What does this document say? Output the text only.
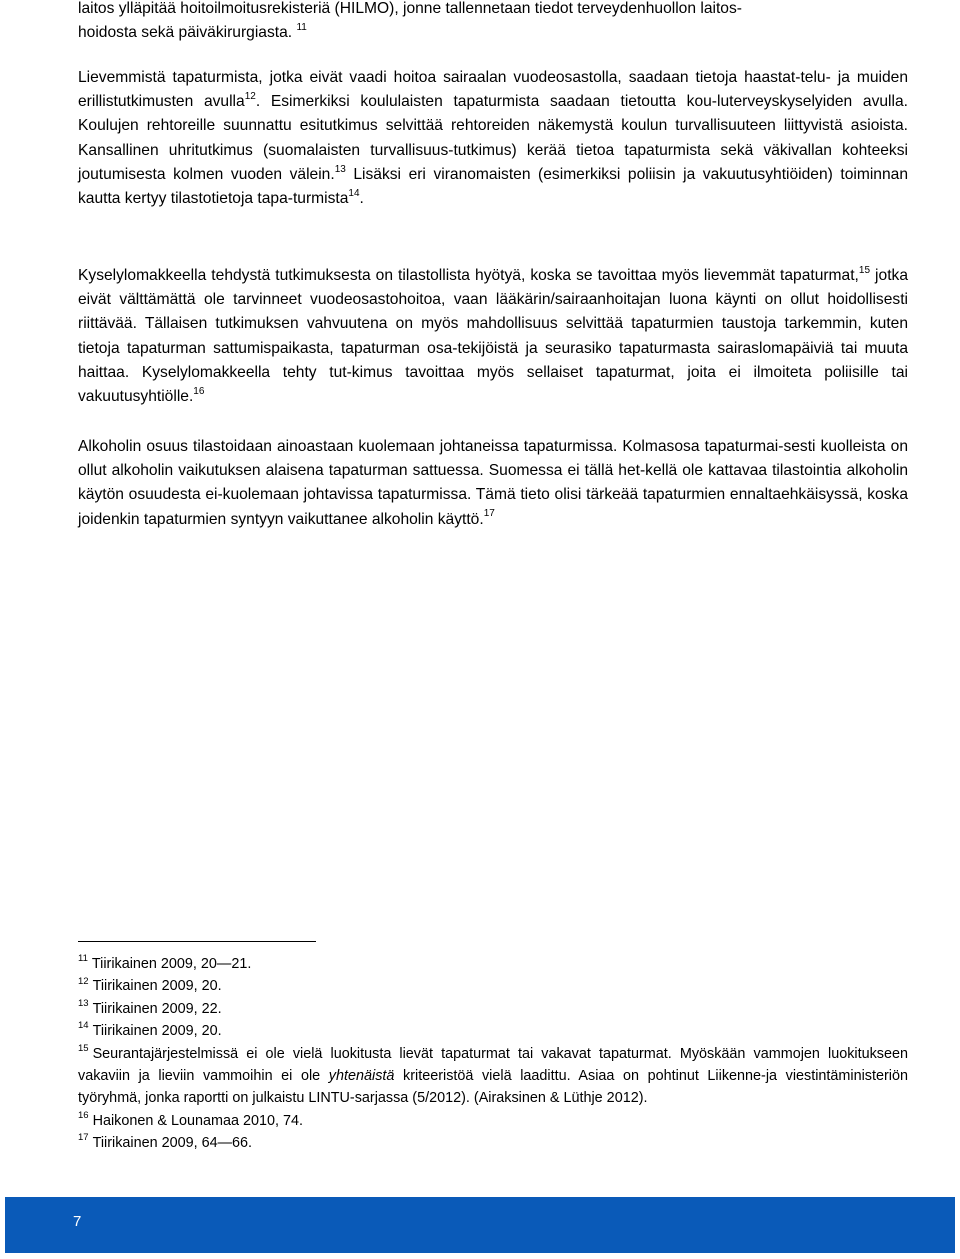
laitos ylläpitää hoitoilmoitusrekisteriä (HILMO), jonne tallennetaan tiedot terveydenhuollon laitos-
hoidosta sekä päiväkirurgiasta. $^{11}$

Lievemmistä tapaturmista, jotka eivät vaadi hoitoa sairaalan vuodeosastolla, saadaan tietoja haastat-telu- ja muiden erillistutkimusten avulla$^{12}$. Esimerkiksi koululaisten tapaturmista saadaan tietoutta kou-luterveyskyselyiden avulla. Koulujen rehtoreille suunnattu esitutkimus selvittää rehtoreiden näkemystä koulun turvallisuuteen liittyvistä asioista. Kansallinen uhritutkimus (suomalaisten turvallisuus-tutkimus) kerää tietoa tapaturmista sekä väkivallan kohteeksi joutumisesta kolmen vuoden välein.$^{13}$ Lisäksi eri viranomaisten (esimerkiksi poliisin ja vakuutusyhtiöiden) toiminnan kautta kertyy tilastotietoja tapa-turmista$^{14}$.

Kyselylomakkeella tehdystä tutkimuksesta on tilastollista hyötyä, koska se tavoittaa myös lievemmät tapaturmat,$^{15}$ jotka eivät välttämättä ole tarvinneet vuodeosastohoitoa, vaan lääkärin/sairaanhoitajan luona käynti on ollut hoidollisesti riittävää. Tällaisen tutkimuksen vahvuutena on myös mahdollisuus selvittää tapaturmien taustoja tarkemmin, kuten tietoja tapaturman sattumispaikasta, tapaturman osa-tekijöistä ja seurasiko tapaturmasta sairaslomapäiviä tai muuta haittaa. Kyselylomakkeella tehty tut-kimus tavoittaa myös sellaiset tapaturmat, joita ei ilmoiteta poliisille tai vakuutusyhtiölle.$^{16}$

Alkoholin osuus tilastoidaan ainoastaan kuolemaan johtaneissa tapaturmissa. Kolmasosa tapaturmai-sesti kuolleista on ollut alkoholin vaikutuksen alaisena tapaturman sattuessa. Suomessa ei tällä het-kellä ole kattavaa tilastointia alkoholin käytön osuudesta ei-kuolemaan johtavissa tapaturmissa. Tämä tieto olisi tärkeää tapaturmien ennaltaehkäisyssä, koska joidenkin tapaturmien syntyyn vaikuttanee alkoholin käyttö.$^{17}$

$^{11}$ Tiirikainen 2009, 20—21.

$^{12}$ Tiirikainen 2009, 20.

$^{13}$ Tiirikainen 2009, 22.

$^{14}$ Tiirikainen 2009, 20.

$^{15}$ Seurantajärjestelmissä ei ole vielä luokitusta lievät tapaturmat tai vakavat tapaturmat. Myöskään vammojen luokitukseen vakaviin ja lieviin vammoihin ei ole yhtenäistä kriteeristöä vielä laadittu. Asiaa on pohtinut Liikenne-ja viestintäministeriön työryhmä, jonka raportti on julkaistu LINTU-sarjassa (5/2012). (Airaksinen & Lüthje 2012).

$^{16}$ Haikonen & Lounamaa 2010, 74.

$^{17}$ Tiirikainen 2009, 64—66.

7
